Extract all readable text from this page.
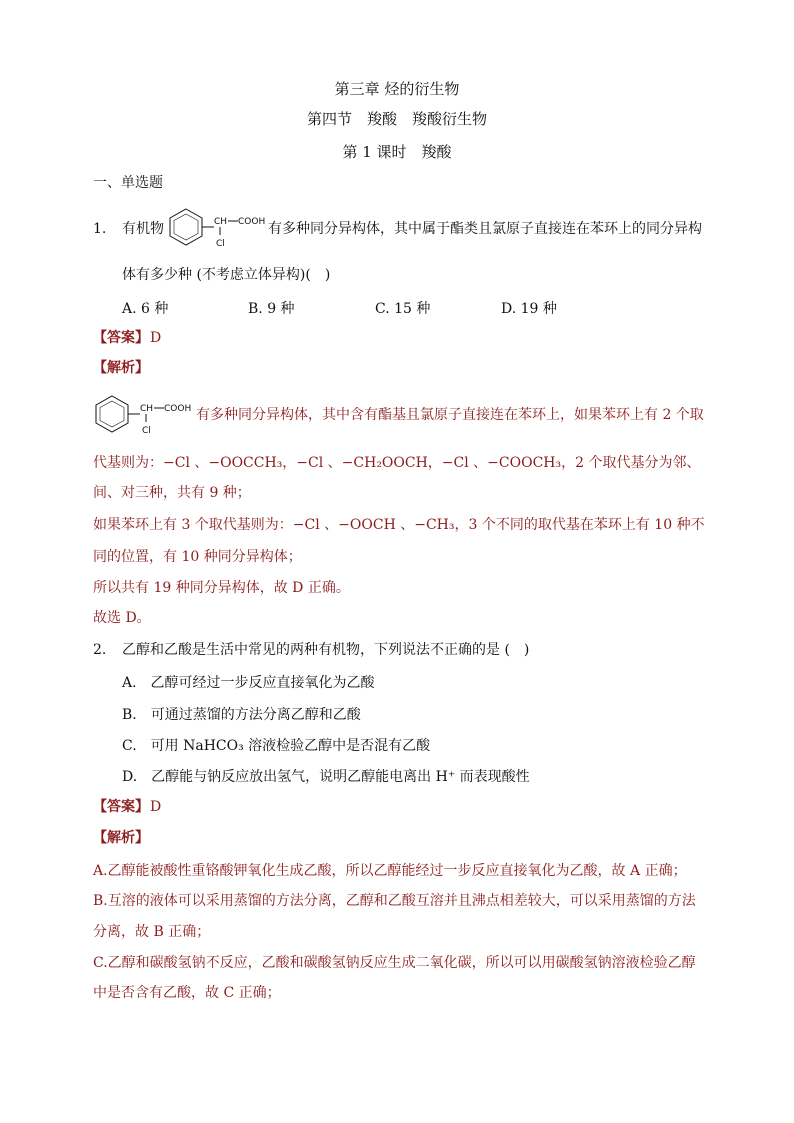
第三章 烃的衍生物
第四节　羧酸　羧酸衍生物
第 1 课时　羧酸
一、单选题
1. 有机物	CH COOH
Cl
有多种同分异构体，其中属于酯类且氯原子直接连在苯环上的同分异构
体有多少种 (不考虑立体异构)(　)
A. 6 种	B. 9 种	C. 15 种	D. 19 种
【答案】 D
【解析】
CH COOH
Cl
有多种同分异构体，其中含有酯基且氯原子直接连在苯环上，如果苯环上有 2 个取
代基则为：−Cl 、−OOCCH₃，−Cl 、−CH₂OOCH，−Cl 、−COOCH₃，2 个取代基分为邻、
间、对三种，共有 9 种；
如果苯环上有 3 个取代基则为：−Cl 、−OOCH 、−CH₃，3 个不同的取代基在苯环上有 10 种不
同的位置，有 10 种同分异构体；
所以共有 19 种同分异构体，故 D 正确。
故选 D。
2. 乙醇和乙酸是生活中常见的两种有机物，下列说法不正确的是 (　)
A.　乙醇可经过一步反应直接氧化为乙酸
B.　可通过蒸馏的方法分离乙醇和乙酸
C.　可用 NaHCO₃ 溶液检验乙醇中是否混有乙酸
D.　乙醇能与钠反应放出氢气，说明乙醇能电离出 H⁺ 而表现酸性
【答案】 D
【解析】
A.乙醇能被酸性重铬酸钾氧化生成乙酸，所以乙醇能经过一步反应直接氧化为乙酸，故 A 正确；
B.互溶的液体可以采用蒸馏的方法分离，乙醇和乙酸互溶并且沸点相差较大，可以采用蒸馏的方法
分离，故 B 正确；
C.乙醇和碳酸氢钠不反应，乙酸和碳酸氢钠反应生成二氧化碳，所以可以用碳酸氢钠溶液检验乙醇
中是否含有乙酸，故 C 正确；
